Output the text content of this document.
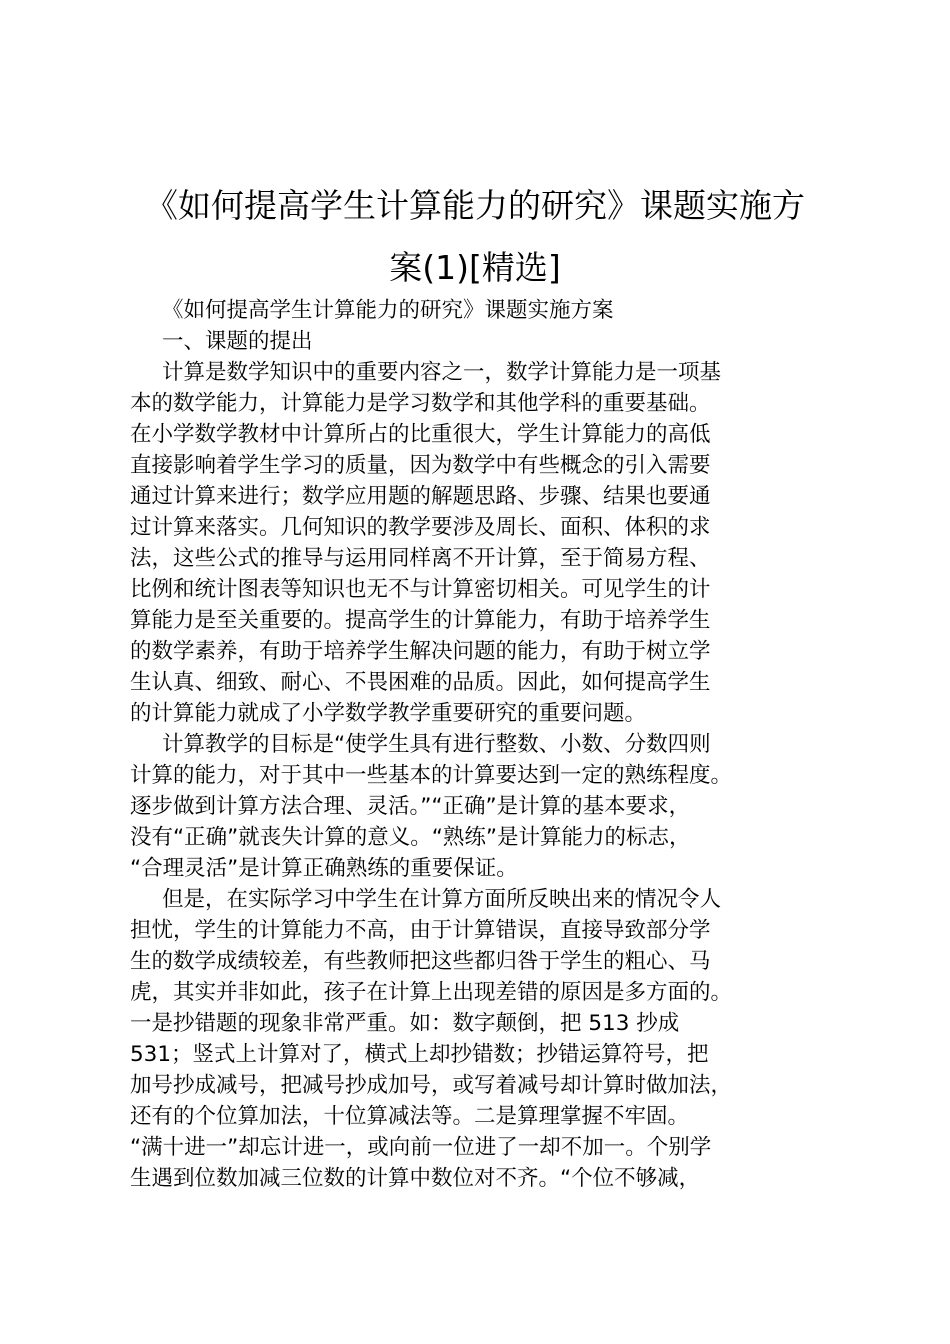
《如何提高学生计算能力的研究》课题实施方
案(1)[精选]
《如何提高学生计算能力的研究》课题实施方案
一、课题的提出
计算是数学知识中的重要内容之一，数学计算能力是一项基
本的数学能力，计算能力是学习数学和其他学科的重要基础。
在小学数学教材中计算所占的比重很大，学生计算能力的高低
直接影响着学生学习的质量，因为数学中有些概念的引入需要
通过计算来进行；数学应用题的解题思路、步骤、结果也要通
过计算来落实。几何知识的教学要涉及周长、面积、体积的求
法，这些公式的推导与运用同样离不开计算，至于简易方程、
比例和统计图表等知识也无不与计算密切相关。可见学生的计
算能力是至关重要的。提高学生的计算能力，有助于培养学生
的数学素养，有助于培养学生解决问题的能力，有助于树立学
生认真、细致、耐心、不畏困难的品质。因此，如何提高学生
的计算能力就成了小学数学教学重要研究的重要问题。
计算教学的目标是“使学生具有进行整数、小数、分数四则
计算的能力，对于其中一些基本的计算要达到一定的熟练程度。
逐步做到计算方法合理、灵活。”“正确”是计算的基本要求，
没有“正确”就丧失计算的意义。“熟练”是计算能力的标志，
“合理灵活”是计算正确熟练的重要保证。
但是，在实际学习中学生在计算方面所反映出来的情况令人
担忧，学生的计算能力不高，由于计算错误，直接导致部分学
生的数学成绩较差，有些教师把这些都归咎于学生的粗心、马
虎，其实并非如此，孩子在计算上出现差错的原因是多方面的。
一是抄错题的现象非常严重。如：数字颠倒，把 513 抄成
531；竖式上计算对了，横式上却抄错数；抄错运算符号，把
加号抄成减号，把减号抄成加号，或写着减号却计算时做加法，
还有的个位算加法，十位算减法等。二是算理掌握不牢固。
“满十进一”却忘计进一，或向前一位进了一却不加一。个别学
生遇到位数加减三位数的计算中数位对不齐。“个位不够减，
